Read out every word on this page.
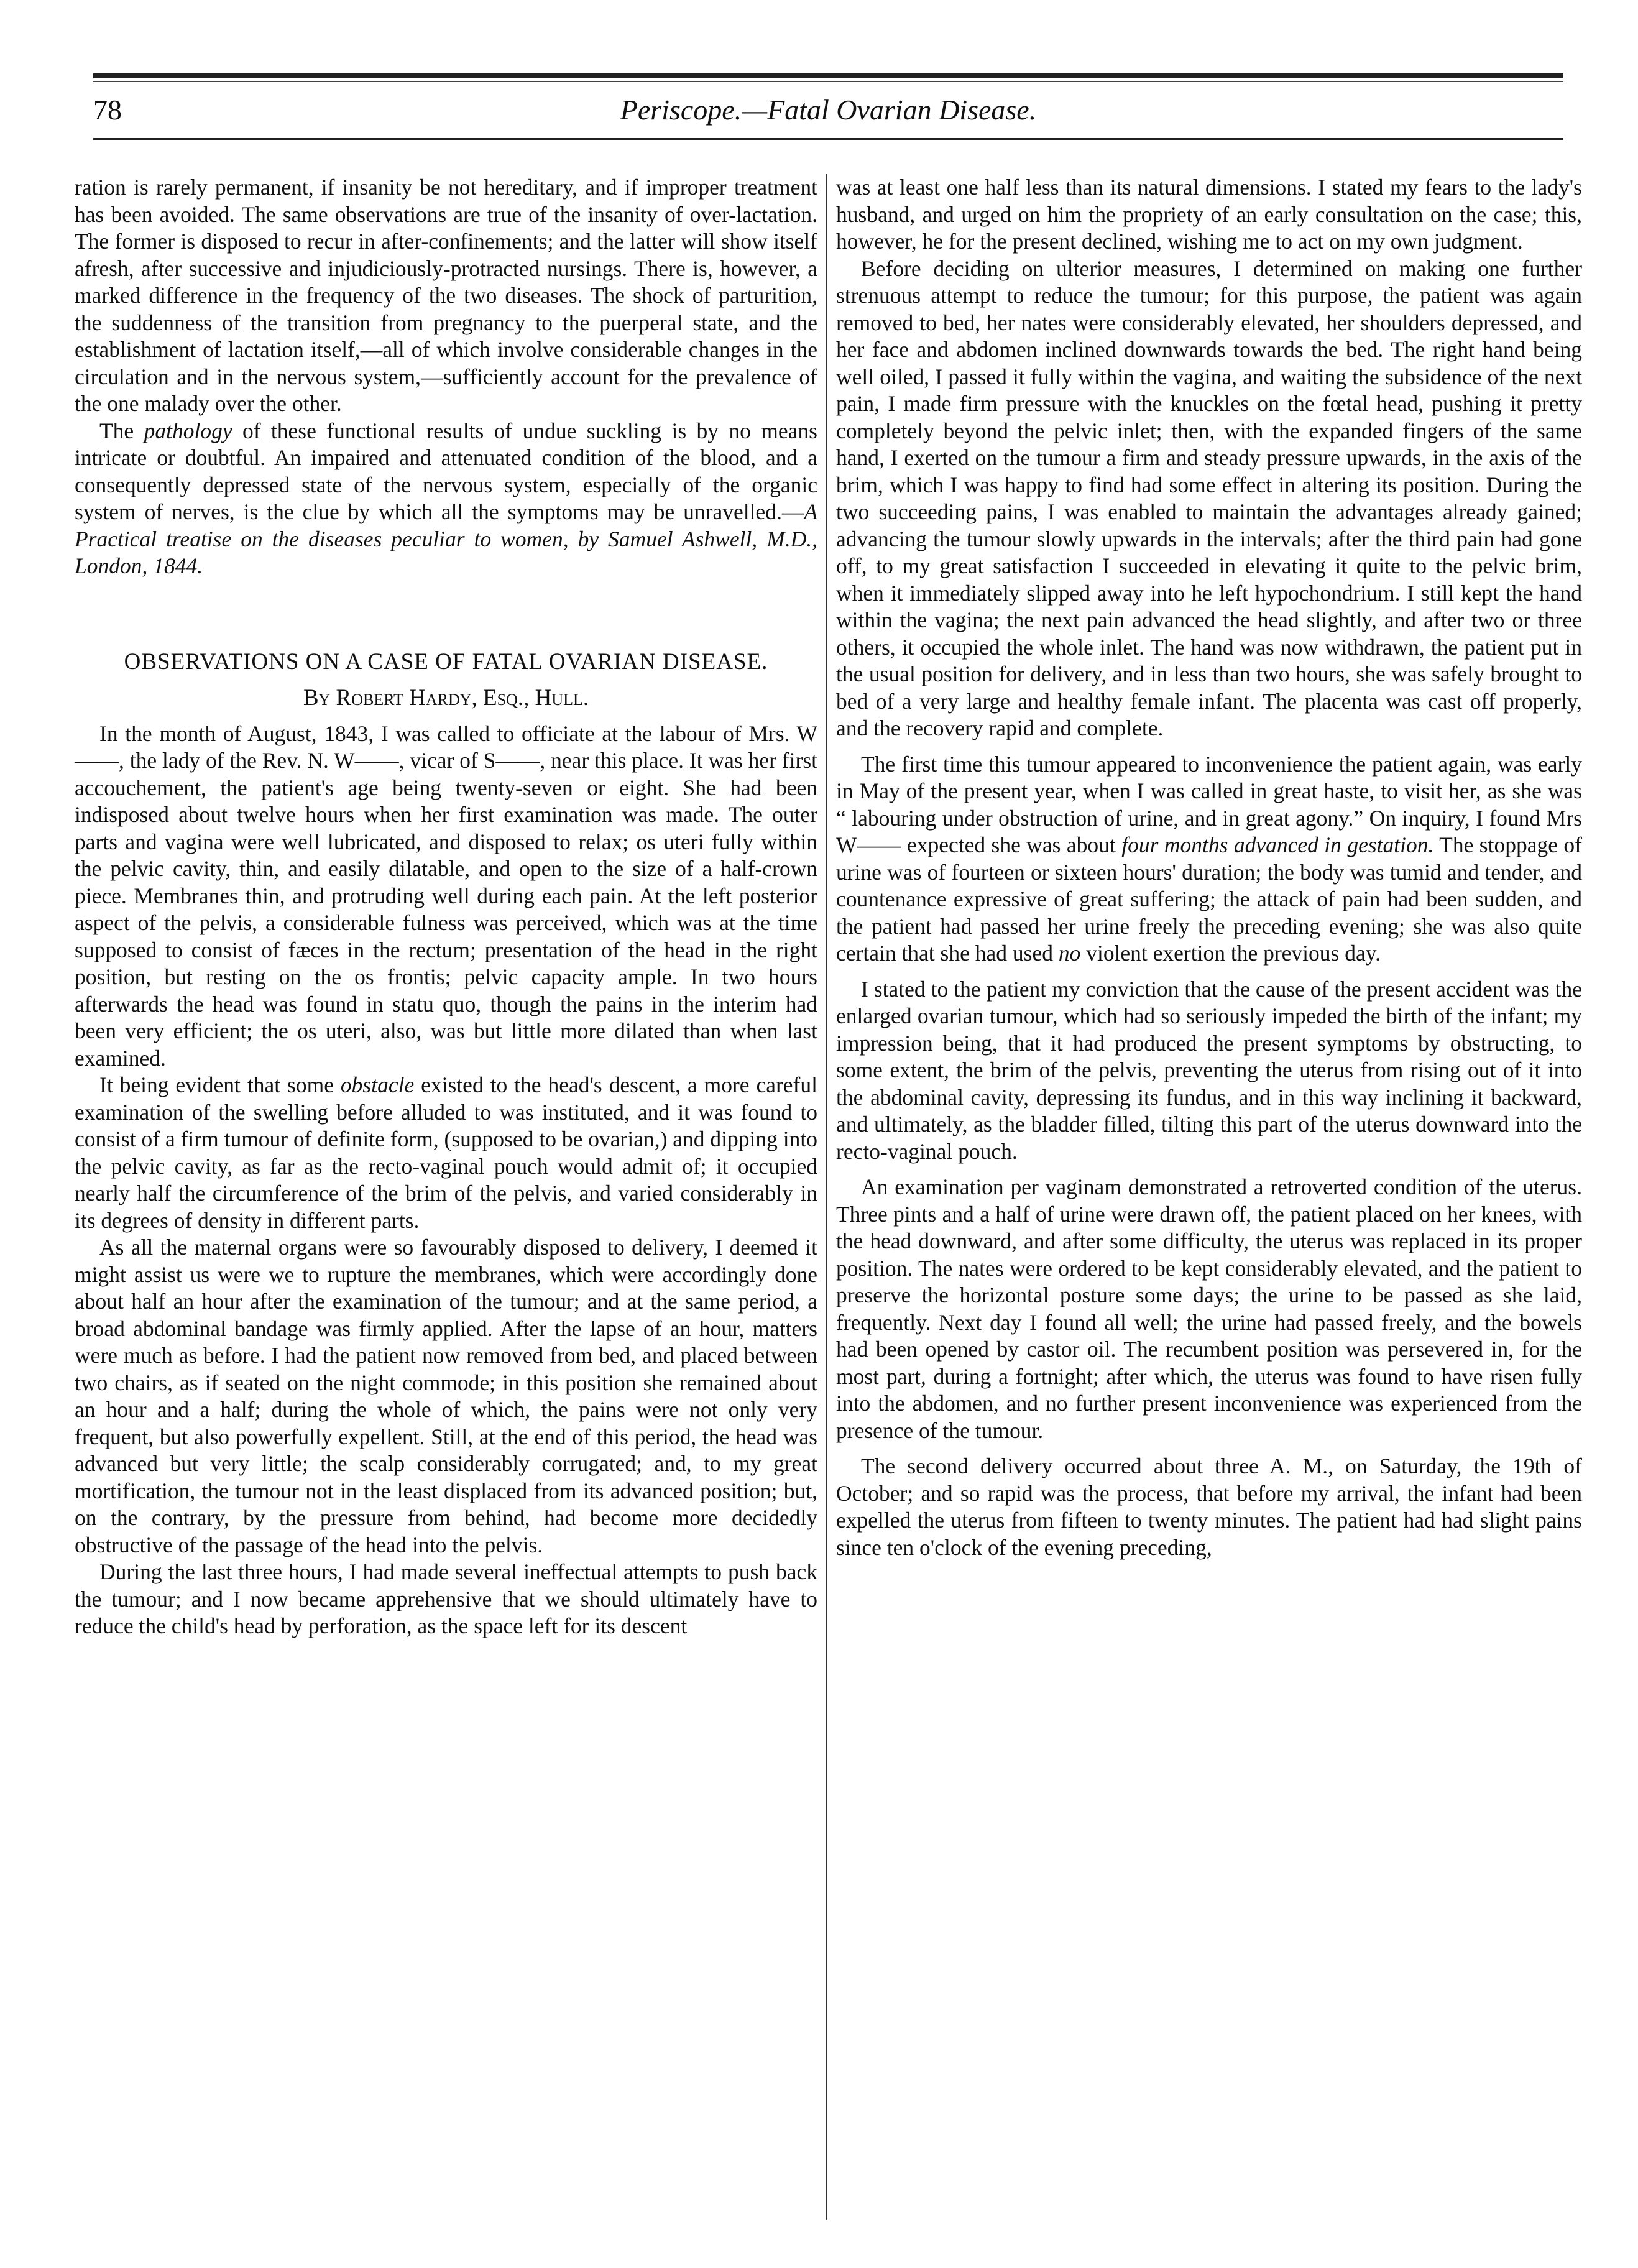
78	Periscope.—Fatal Ovarian Disease.

ration is rarely permanent, if insanity be not hereditary, and if improper treatment has been avoided. The same observations are true of the insanity of over-lactation. The former is disposed to recur in after-confinements; and the latter will show itself afresh, after successive and injudiciously-protracted nursings. There is, however, a marked difference in the frequency of the two diseases. The shock of parturition, the suddenness of the transition from pregnancy to the puerperal state, and the establishment of lactation itself,—all of which involve considerable changes in the circulation and in the nervous system,—sufficiently account for the prevalence of the one malady over the other.

The pathology of these functional results of undue suckling is by no means intricate or doubtful. An impaired and attenuated condition of the blood, and a consequently depressed state of the nervous system, especially of the organic system of nerves, is the clue by which all the symptoms may be unravelled.—A Practical treatise on the diseases peculiar to women, by Samuel Ashwell, M.D., London, 1844.

OBSERVATIONS ON A CASE OF FATAL OVARIAN DISEASE.

By Robert Hardy, Esq., Hull.

In the month of August, 1843, I was called to officiate at the labour of Mrs. W——, the lady of the Rev. N. W——, vicar of S——, near this place. It was her first accouchement, the patient's age being twenty-seven or eight. She had been indisposed about twelve hours when her first examination was made. The outer parts and vagina were well lubricated, and disposed to relax; os uteri fully within the pelvic cavity, thin, and easily dilatable, and open to the size of a half-crown piece. Membranes thin, and protruding well during each pain. At the left posterior aspect of the pelvis, a considerable fulness was perceived, which was at the time supposed to consist of fæces in the rectum; presentation of the head in the right position, but resting on the os frontis; pelvic capacity ample. In two hours afterwards the head was found in statu quo, though the pains in the interim had been very efficient; the os uteri, also, was but little more dilated than when last examined.

It being evident that some obstacle existed to the head's descent, a more careful examination of the swelling before alluded to was instituted, and it was found to consist of a firm tumour of definite form, (supposed to be ovarian,) and dipping into the pelvic cavity, as far as the recto-vaginal pouch would admit of; it occupied nearly half the circumference of the brim of the pelvis, and varied considerably in its degrees of density in different parts.

As all the maternal organs were so favourably disposed to delivery, I deemed it might assist us were we to rupture the membranes, which were accordingly done about half an hour after the examination of the tumour; and at the same period, a broad abdominal bandage was firmly applied. After the lapse of an hour, matters were much as before. I had the patient now removed from bed, and placed between two chairs, as if seated on the night commode; in this position she remained about an hour and a half; during the whole of which, the pains were not only very frequent, but also powerfully expellent. Still, at the end of this period, the head was advanced but very little; the scalp considerably corrugated; and, to my great mortification, the tumour not in the least displaced from its advanced position; but, on the contrary, by the pressure from behind, had become more decidedly obstructive of the passage of the head into the pelvis.

During the last three hours, I had made several ineffectual attempts to push back the tumour; and I now became apprehensive that we should ultimately have to reduce the child's head by perforation, as the space left for its descent

was at least one half less than its natural dimensions. I stated my fears to the lady's husband, and urged on him the propriety of an early consultation on the case; this, however, he for the present declined, wishing me to act on my own judgment.

Before deciding on ulterior measures, I determined on making one further strenuous attempt to reduce the tumour; for this purpose, the patient was again removed to bed, her nates were considerably elevated, her shoulders depressed, and her face and abdomen inclined downwards towards the bed. The right hand being well oiled, I passed it fully within the vagina, and waiting the subsidence of the next pain, I made firm pressure with the knuckles on the fœtal head, pushing it pretty completely beyond the pelvic inlet; then, with the expanded fingers of the same hand, I exerted on the tumour a firm and steady pressure upwards, in the axis of the brim, which I was happy to find had some effect in altering its position. During the two succeeding pains, I was enabled to maintain the advantages already gained; advancing the tumour slowly upwards in the intervals; after the third pain had gone off, to my great satisfaction I succeeded in elevating it quite to the pelvic brim, when it immediately slipped away into he left hypochondrium. I still kept the hand within the vagina; the next pain advanced the head slightly, and after two or three others, it occupied the whole inlet. The hand was now withdrawn, the patient put in the usual position for delivery, and in less than two hours, she was safely brought to bed of a very large and healthy female infant. The placenta was cast off properly, and the recovery rapid and complete.

The first time this tumour appeared to inconvenience the patient again, was early in May of the present year, when I was called in great haste, to visit her, as she was “ labouring under obstruction of urine, and in great agony.” On inquiry, I found Mrs W—— expected she was about four months advanced in gestation. The stoppage of urine was of fourteen or sixteen hours' duration; the body was tumid and tender, and countenance expressive of great suffering; the attack of pain had been sudden, and the patient had passed her urine freely the preceding evening; she was also quite certain that she had used no violent exertion the previous day.

I stated to the patient my conviction that the cause of the present accident was the enlarged ovarian tumour, which had so seriously impeded the birth of the infant; my impression being, that it had produced the present symptoms by obstructing, to some extent, the brim of the pelvis, preventing the uterus from rising out of it into the abdominal cavity, depressing its fundus, and in this way inclining it backward, and ultimately, as the bladder filled, tilting this part of the uterus downward into the recto-vaginal pouch.

An examination per vaginam demonstrated a retroverted condition of the uterus. Three pints and a half of urine were drawn off, the patient placed on her knees, with the head downward, and after some difficulty, the uterus was replaced in its proper position. The nates were ordered to be kept considerably elevated, and the patient to preserve the horizontal posture some days; the urine to be passed as she laid, frequently. Next day I found all well; the urine had passed freely, and the bowels had been opened by castor oil. The recumbent position was persevered in, for the most part, during a fortnight; after which, the uterus was found to have risen fully into the abdomen, and no further present inconvenience was experienced from the presence of the tumour.

The second delivery occurred about three A. M., on Saturday, the 19th of October; and so rapid was the process, that before my arrival, the infant had been expelled the uterus from fifteen to twenty minutes. The patient had had slight pains since ten o'clock of the evening preceding,
